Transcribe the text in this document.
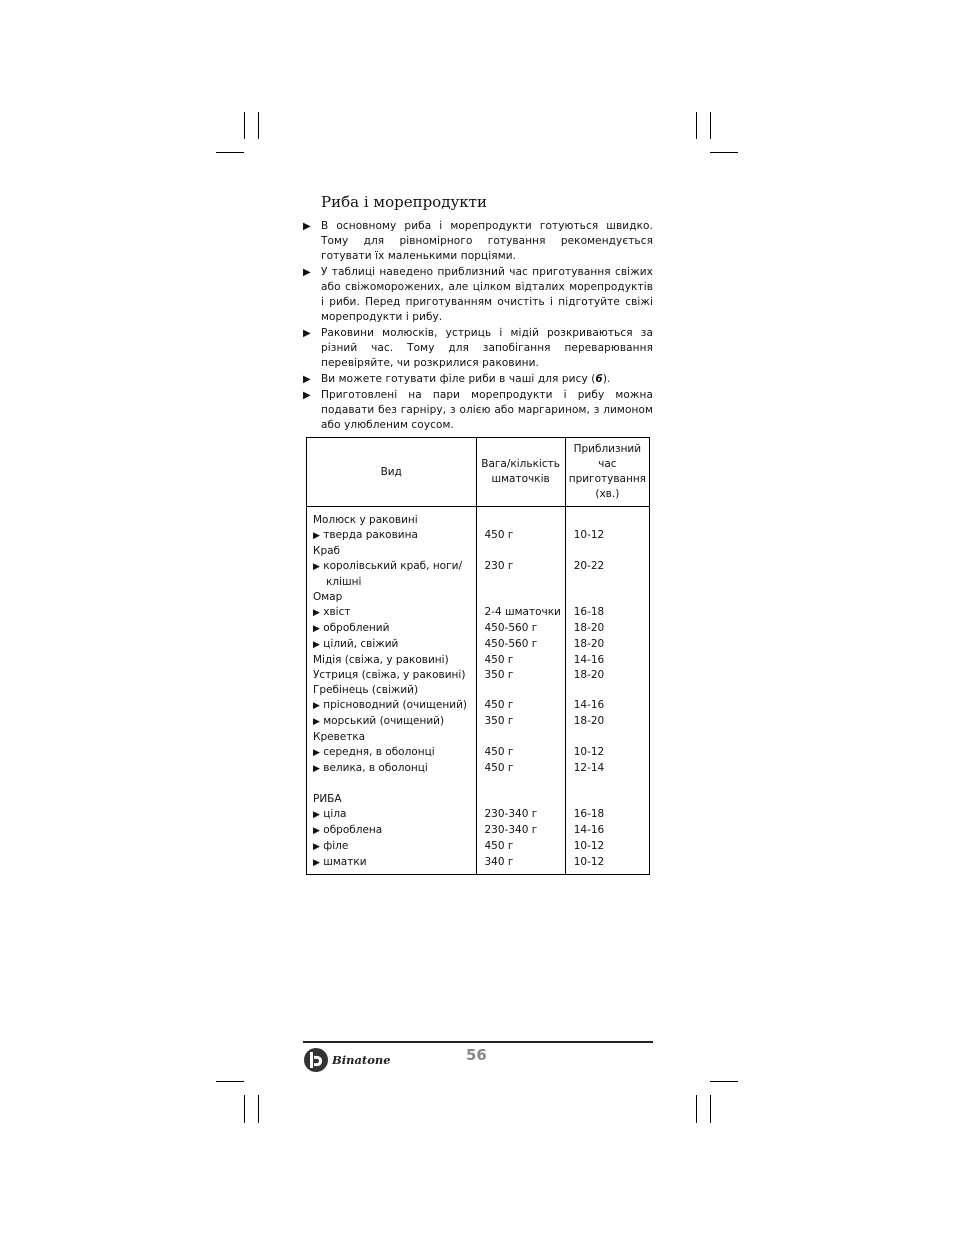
Риба і морепродукти
▶ В основному риба і морепродукти готуються швидко. Тому для рівномірного готування рекомендується готувати їх маленькими порціями.
▶ У таблиці наведено приблизний час приготування свіжих або свіжоморожених, але цілком відталих морепродуктів і риби. Перед приготуванням очистіть і підготуйте свіжі морепродукти і рибу.
▶ Раковини молюсків, устриць і мідій розкриваються за різний час. Тому для запобігання переварювання перевіряйте, чи розкрилися раковини.
▶ Ви можете готувати філе риби в чаші для рису (6).
▶ Приготовлені на пари морепродукти і рибу можна подавати без гарніру, з олією або маргарином, з лимоном або улюбленим соусом.
Вид	Вага/кількість шматочків	Приблизний час приготування (хв.)
Молюск у раковині		
▶ тверда раковина	450 г	10-12
Краб		
▶ королівський краб, ноги/
клішні	230 г	20-22
Омар		
▶ хвіст	2-4 шматочки	16-18
▶ оброблений	450-560 г	18-20
▶ цілий, свіжий	450-560 г	18-20
Мідія (свіжа, у раковині)	450 г	14-16
Устриця (свіжа, у раковині)	350 г	18-20
Гребінець (свіжий)		
▶ прісноводний (очищений)	450 г	14-16
▶ морський (очищений)	350 г	18-20
Креветка		
▶ середня, в оболонці	450 г	10-12
▶ велика, в оболонці	450 г	12-14

РИБА		
▶ ціла	230-340 г	16-18
▶ оброблена	230-340 г	14-16
▶ філе	450 г	10-12
▶ шматки	340 г	10-12
Binatone	56
